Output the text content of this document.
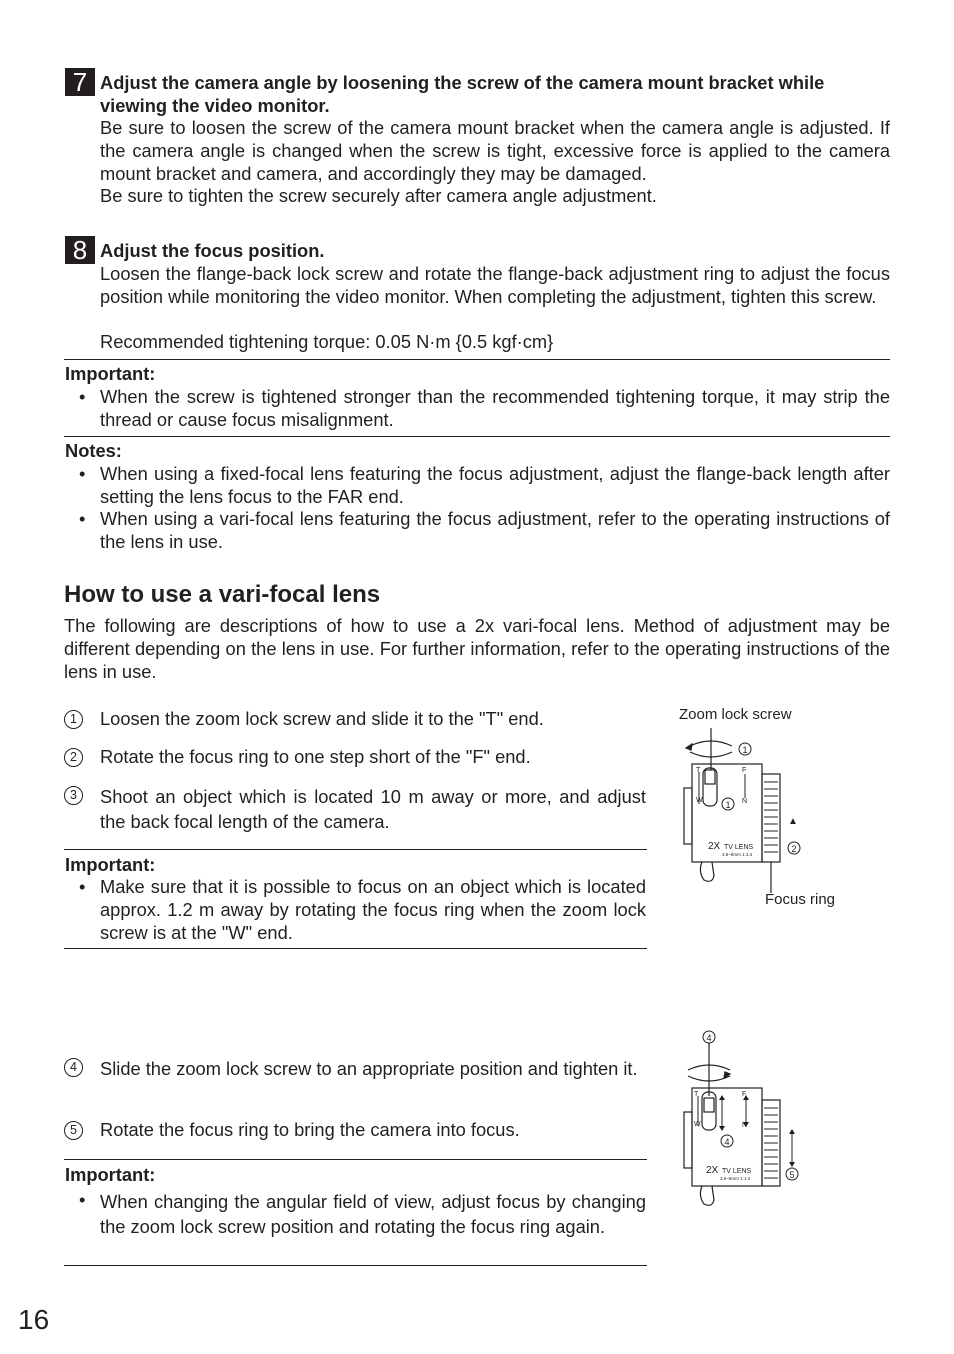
7 Adjust the camera angle by loosening the screw of the camera mount bracket while viewing the video monitor.
Be sure to loosen the screw of the camera mount bracket when the camera angle is adjusted. If the camera angle is changed when the screw is tight, excessive force is applied to the camera mount bracket and camera, and accordingly they may be damaged.
Be sure to tighten the screw securely after camera angle adjustment.
8 Adjust the focus position.
Loosen the flange-back lock screw and rotate the flange-back adjustment ring to adjust the focus position while monitoring the video monitor. When completing the adjustment, tighten this screw.
Recommended tightening torque: 0.05 N·m {0.5 kgf·cm}
Important:
• When the screw is tightened stronger than the recommended tightening torque, it may strip the thread or cause focus misalignment.
Notes:
• When using a fixed-focal lens featuring the focus adjustment, adjust the flange-back length after setting the lens focus to the FAR end.
• When using a vari-focal lens featuring the focus adjustment, refer to the operating instructions of the lens in use.
How to use a vari-focal lens
The following are descriptions of how to use a 2x vari-focal lens. Method of adjustment may be different depending on the lens in use. For further information, refer to the operating instructions of the lens in use.
1	Loosen the zoom lock screw and slide it to the "T" end.
2	Rotate the focus ring to one step short of the "F" end.
3	Shoot an object which is located 10 m away or more, and adjust the back focal length of the camera.
Important:
• Make sure that it is possible to focus on an object which is located approx. 1.2 m away by rotating the focus ring when the zoom lock screw is at the "W" end.
4	Slide the zoom lock screw to an appropriate position and tighten it.
5	Rotate the focus ring to bring the camera into focus.
Important:
• When changing the angular field of view, adjust focus by changing the zoom lock screw position and rotating the focus ring again.
Zoom lock screw
Focus ring
T
W
F
N
2X TV LENS
3.8~8mm 1:1.4
▲
1
1
2
4
T
W
F
N
2X TV LENS
3.8~8mm 1:1.4
4
5
16
